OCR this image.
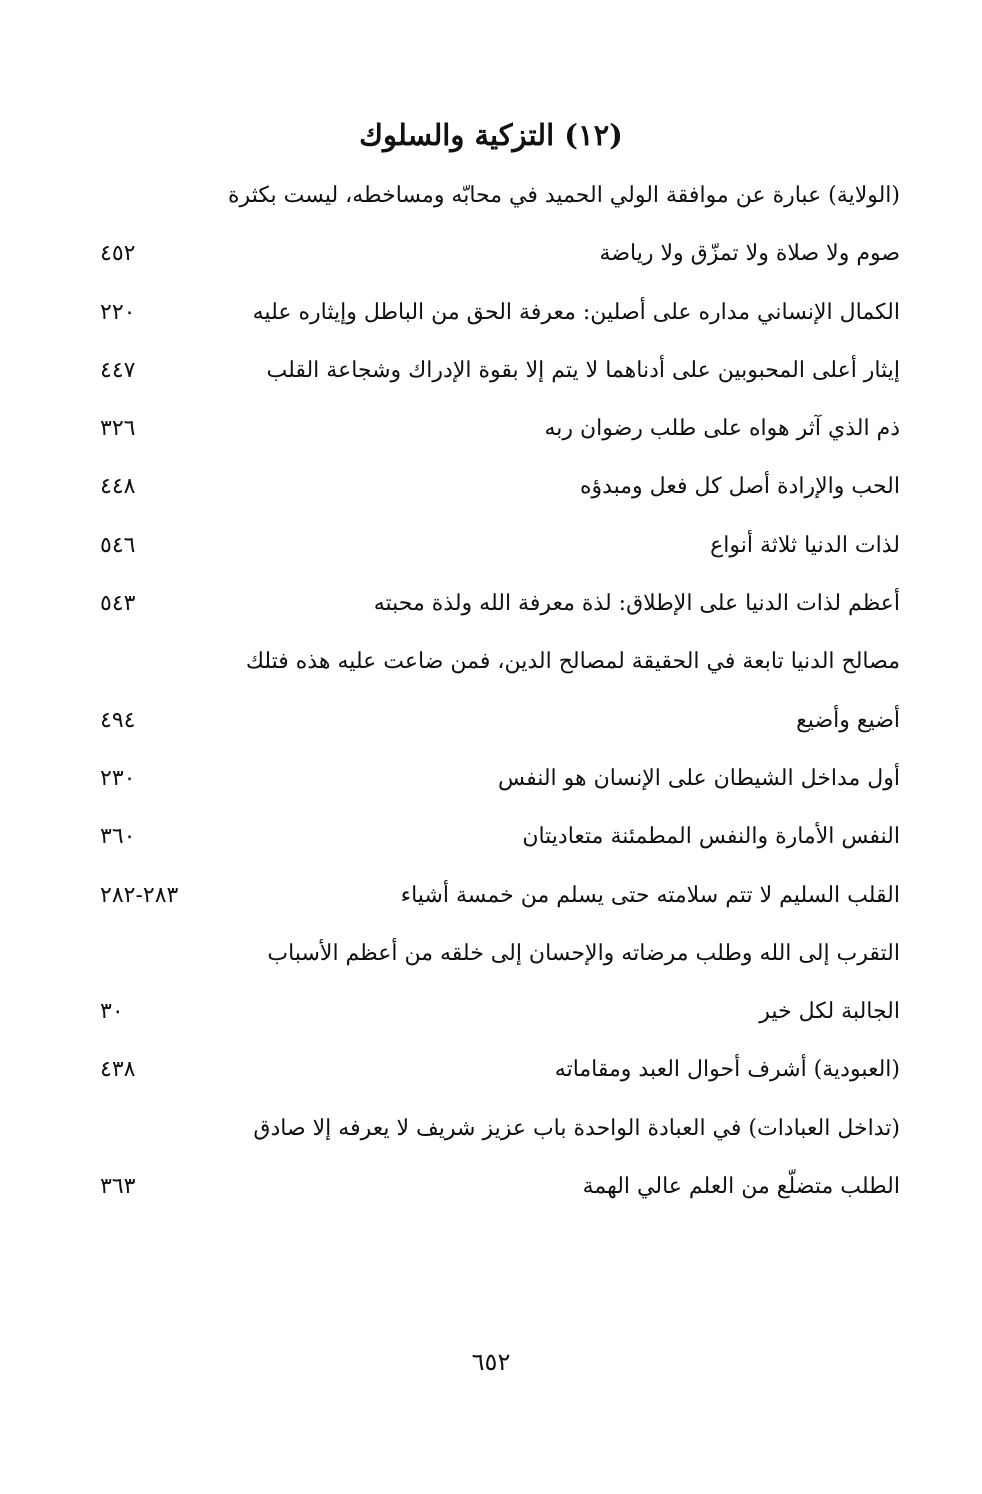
(١٢) التزكية والسلوك
(الولاية) عبارة عن موافقة الولي الحميد في محابّه ومساخطه، ليست بكثرة
صوم ولا صلاة ولا تمزّق ولا رياضة
٤٥٢
الكمال الإنساني مداره على أصلين: معرفة الحق من الباطل وإيثاره عليه
٢٢٠
إيثار أعلى المحبوبين على أدناهما لا يتم إلا بقوة الإدراك وشجاعة القلب
٤٤٧
ذم الذي آثر هواه على طلب رضوان ربه
٣٢٦
الحب والإرادة أصل كل فعل ومبدؤه
٤٤٨
لذات الدنيا ثلاثة أنواع
٥٤٦
أعظم لذات الدنيا على الإطلاق: لذة معرفة الله ولذة محبته
٥٤٣
مصالح الدنيا تابعة في الحقيقة لمصالح الدين، فمن ضاعت عليه هذه فتلك
أضيع وأضيع
٤٩٤
أول مداخل الشيطان على الإنسان هو النفس
٢٣٠
النفس الأمارة والنفس المطمئنة متعاديتان
٣٦٠
القلب السليم لا تتم سلامته حتى يسلم من خمسة أشياء
٢٨٣-٢٨٢
التقرب إلى الله وطلب مرضاته والإحسان إلى خلقه من أعظم الأسباب
الجالبة لكل خير
٣٠
(العبودية) أشرف أحوال العبد ومقاماته
٤٣٨
(تداخل العبادات) في العبادة الواحدة باب عزيز شريف لا يعرفه إلا صادق
الطلب متضلّع من العلم عالي الهمة
٣٦٣
٦٥٢
